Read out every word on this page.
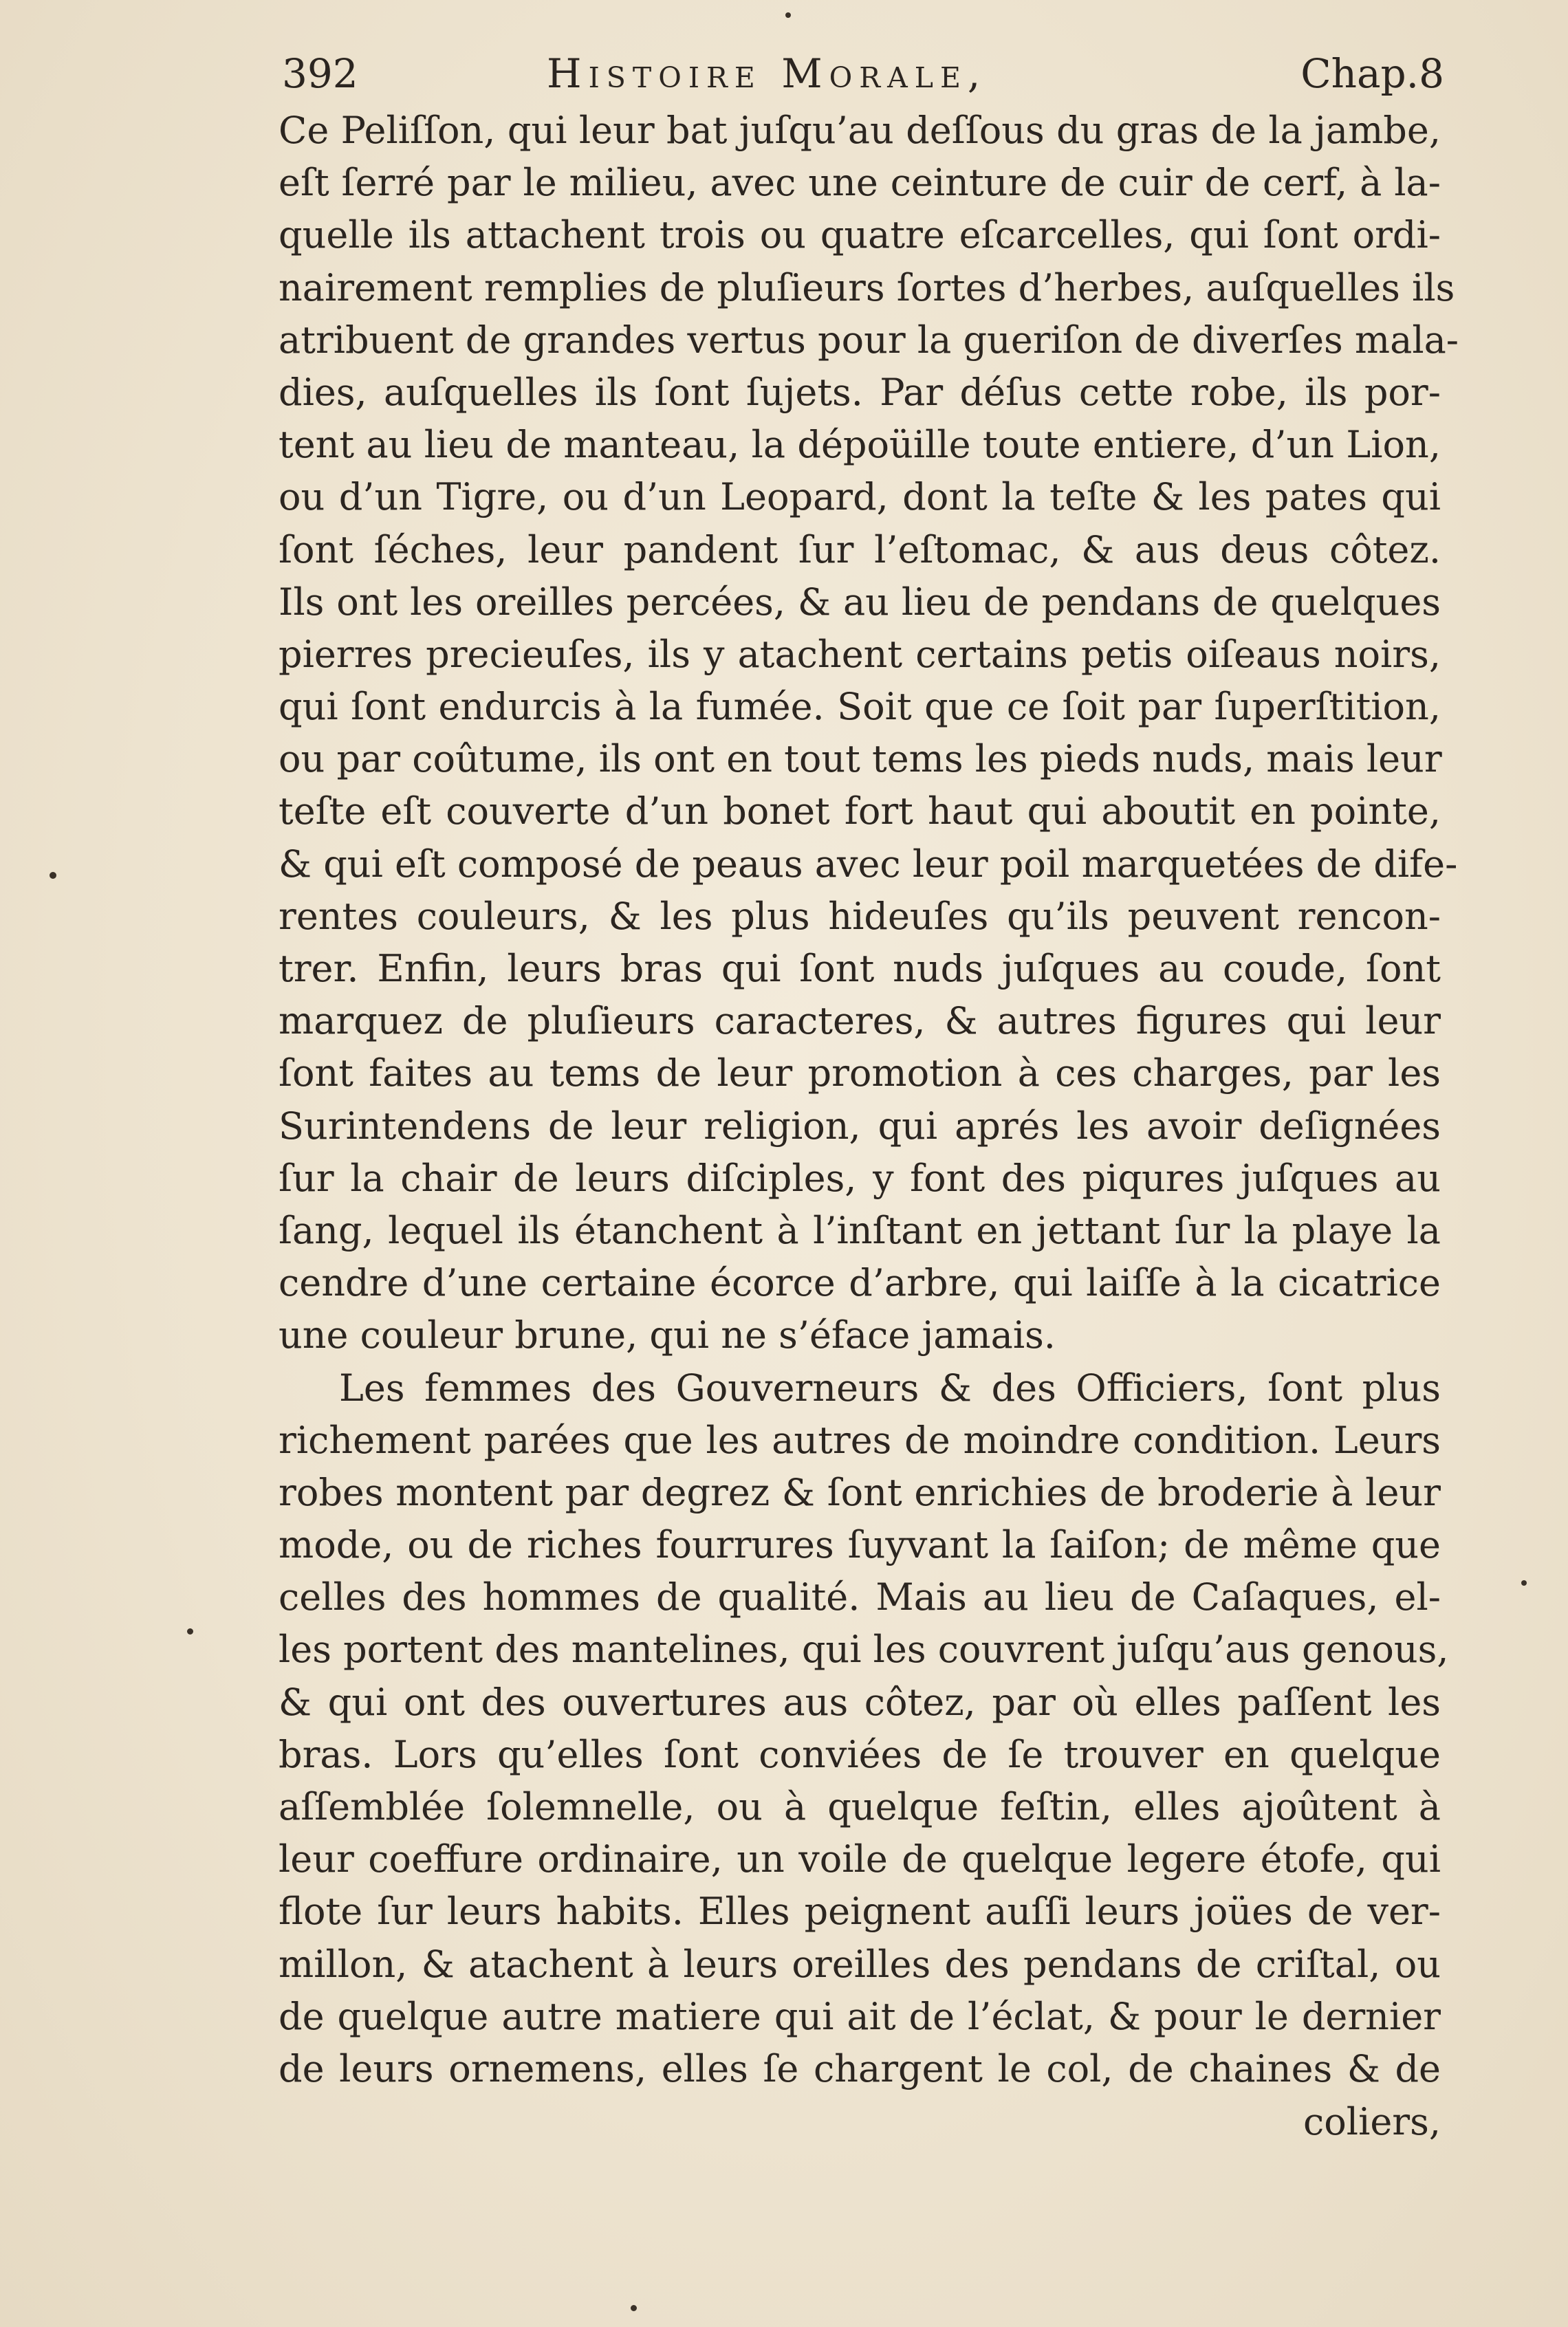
392	Histoire Morale,	Chap.8
Ce Peliſſon, qui leur bat juſqu’au deſſous du gras de la jambe,
eſt ſerré par le milieu, avec une ceinture de cuir de cerf, à la-
quelle ils attachent trois ou quatre eſcarcelles, qui ſont ordi-
nairement remplies de pluſieurs ſortes d’herbes, auſquelles ils
atribuent de grandes vertus pour la gueriſon de diverſes mala-
dies, auſquelles ils ſont ſujets. Par déſus cette robe, ils por-
tent au lieu de manteau, la dépoüille toute entiere, d’un Lion,
ou d’un Tigre, ou d’un Leopard, dont la teſte & les pates qui
ſont ſéches, leur pandent ſur l’eſtomac, & aus deus côtez.
Ils ont les oreilles percées, & au lieu de pendans de quelques
pierres precieuſes, ils y atachent certains petis oiſeaus noirs,
qui ſont endurcis à la fumée. Soit que ce ſoit par ſuperſtition,
ou par coûtume, ils ont en tout tems les pieds nuds, mais leur
teſte eſt couverte d’un bonet fort haut qui aboutit en pointe,
& qui eſt composé de peaus avec leur poil marquetées de dife-
rentes couleurs, & les plus hideuſes qu’ils peuvent rencon-
trer. Enfin, leurs bras qui ſont nuds juſques au coude, ſont
marquez de pluſieurs caracteres, & autres figures qui leur
ſont faites au tems de leur promotion à ces charges, par les
Surintendens de leur religion, qui aprés les avoir deſignées
ſur la chair de leurs diſciples, y font des piqures juſques au
ſang, lequel ils étanchent à l’inſtant en jettant ſur la playe la
cendre d’une certaine écorce d’arbre, qui laiſſe à la cicatrice
une couleur brune, qui ne s’éface jamais.
Les femmes des Gouverneurs & des Officiers, ſont plus
richement parées que les autres de moindre condition. Leurs
robes montent par degrez & ſont enrichies de broderie à leur
mode, ou de riches fourrures ſuyvant la ſaiſon; de même que
celles des hommes de qualité. Mais au lieu de Caſaques, el-
les portent des mantelines, qui les couvrent juſqu’aus genous,
& qui ont des ouvertures aus côtez, par où elles paſſent les
bras. Lors qu’elles ſont conviées de ſe trouver en quelque
aſſemblée ſolemnelle, ou à quelque feſtin, elles ajoûtent à
leur coeffure ordinaire, un voile de quelque legere étofe, qui
flote ſur leurs habits. Elles peignent auſſi leurs joües de ver-
millon, & atachent à leurs oreilles des pendans de criſtal, ou
de quelque autre matiere qui ait de l’éclat, & pour le dernier
de leurs ornemens, elles ſe chargent le col, de chaines & de
coliers,
